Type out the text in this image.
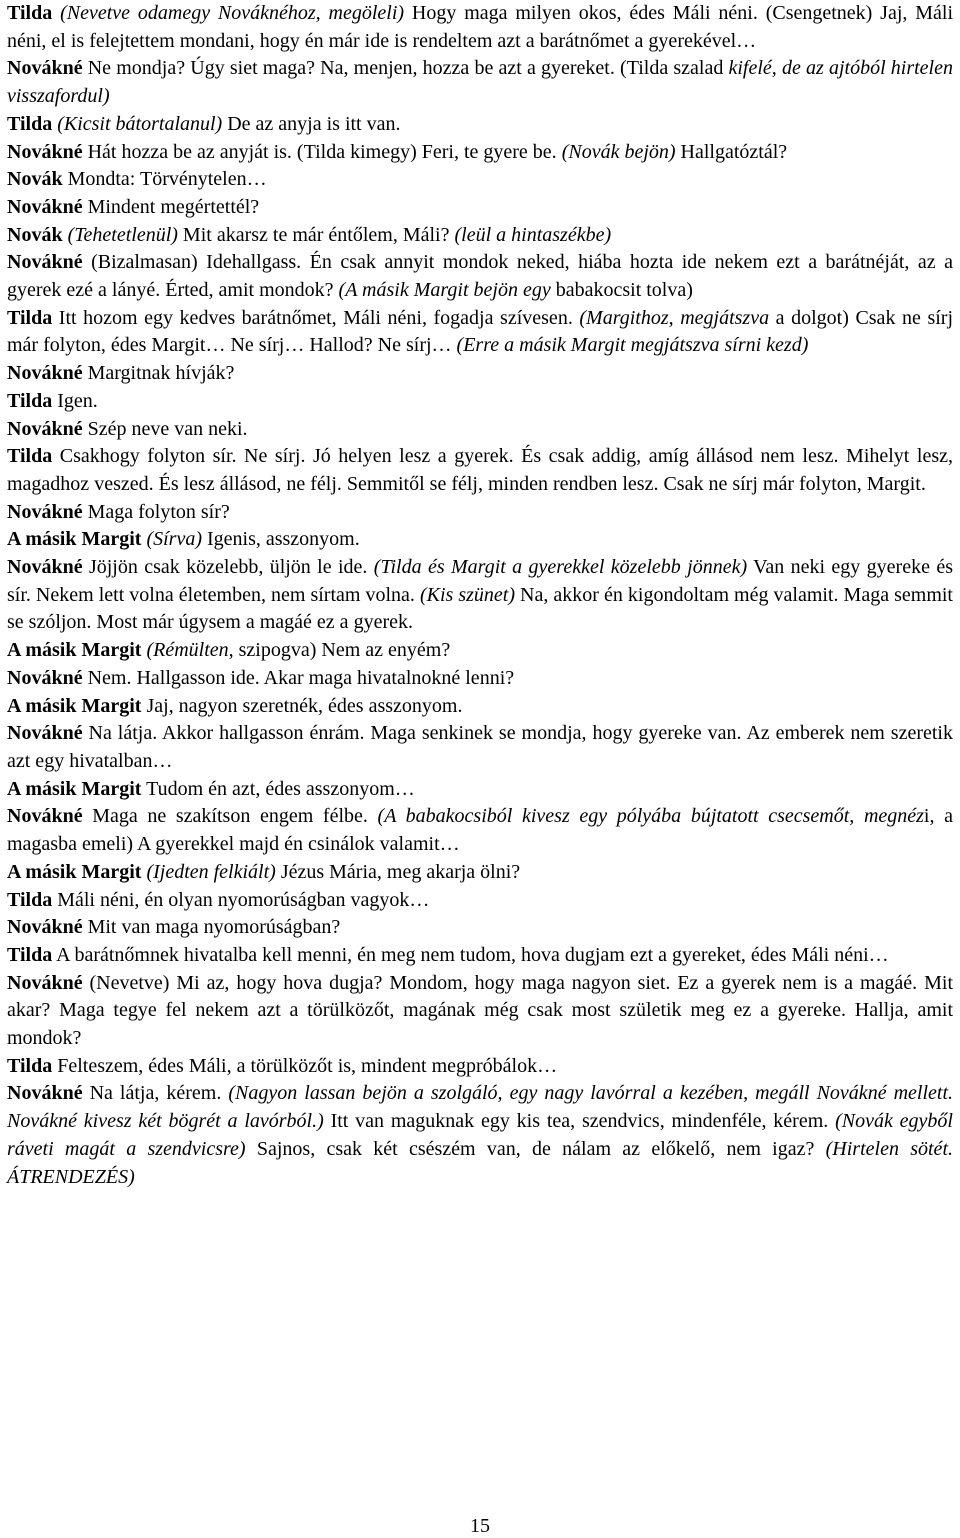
Tilda (Nevetve odamegy Nováknéhoz, megöleli) Hogy maga milyen okos, édes Máli néni. (Csengetnek) Jaj, Máli néni, el is felejtettem mondani, hogy én már ide is rendeltem azt a barátnőmet a gyerekével…

Novákné Ne mondja? Úgy siet maga? Na, menjen, hozza be azt a gyereket. (Tilda szalad kifelé, de az ajtóból hirtelen visszafordul)

Tilda (Kicsit bátortalanul) De az anyja is itt van.

Novákné Hát hozza be az anyját is. (Tilda kimegy) Feri, te gyere be. (Novák bejön) Hallgatóztál?

Novák Mondta: Törvénytelen…

Novákné Mindent megértettél?

Novák (Tehetetlenül) Mit akarsz te már éntőlem, Máli? (leül a hintaszékbe)

Novákné (Bizalmasan) Idehallgass. Én csak annyit mondok neked, hiába hozta ide nekem ezt a barátnéját, az a gyerek ezé a lányé. Érted, amit mondok? (A másik Margit bejön egy babakocsit tolva)

Tilda Itt hozom egy kedves barátnőmet, Máli néni, fogadja szívesen. (Margithoz, megjátszva a dolgot) Csak ne sírj már folyton, édes Margit… Ne sírj… Hallod? Ne sírj… (Erre a másik Margit megjátszva sírni kezd)

Novákné Margitnak hívják?

Tilda Igen.

Novákné Szép neve van neki.

Tilda Csakhogy folyton sír. Ne sírj. Jó helyen lesz a gyerek. És csak addig, amíg állásod nem lesz. Mihelyt lesz, magadhoz veszed. És lesz állásod, ne félj. Semmitől se félj, minden rendben lesz. Csak ne sírj már folyton, Margit.

Novákné Maga folyton sír?

A másik Margit (Sírva) Igenis, asszonyom.

Novákné Jöjjön csak közelebb, üljön le ide. (Tilda és Margit a gyerekkel közelebb jönnek) Van neki egy gyereke és sír. Nekem lett volna életemben, nem sírtam volna. (Kis szünet) Na, akkor én kigondoltam még valamit. Maga semmit se szóljon. Most már úgysem a magáé ez a gyerek.

A másik Margit (Rémülten, szipogva) Nem az enyém?

Novákné Nem. Hallgasson ide. Akar maga hivatalnokné lenni?

A másik Margit Jaj, nagyon szeretnék, édes asszonyom.

Novákné Na látja. Akkor hallgasson énrám. Maga senkinek se mondja, hogy gyereke van. Az emberek nem szeretik azt egy hivatalban…

A másik Margit Tudom én azt, édes asszonyom…

Novákné Maga ne szakítson engem félbe. (A babakocsiból kivesz egy pólyába bújtatott csecsemőt, megnézi, a magasba emeli) A gyerekkel majd én csinálok valamit…

A másik Margit (Ijedten felkiált) Jézus Mária, meg akarja ölni?

Tilda Máli néni, én olyan nyomorúságban vagyok…

Novákné Mit van maga nyomorúságban?

Tilda A barátnőmnek hivatalba kell menni, én meg nem tudom, hova dugjam ezt a gyereket, édes Máli néni…

Novákné (Nevetve) Mi az, hogy hova dugja? Mondom, hogy maga nagyon siet. Ez a gyerek nem is a magáé. Mit akar? Maga tegye fel nekem azt a törülközőt, magának még csak most születik meg ez a gyereke. Hallja, amit mondok?

Tilda Felteszem, édes Máli, a törülközőt is, mindent megpróbálok…

Novákné Na látja, kérem. (Nagyon lassan bejön a szolgáló, egy nagy lavórral a kezében, megáll Novákné mellett. Novákné kivesz két bögrét a lavórból.) Itt van maguknak egy kis tea, szendvics, mindenféle, kérem. (Novák egyből ráveti magát a szendvicsre) Sajnos, csak két csészém van, de nálam az előkelő, nem igaz? (Hirtelen sötét. ÁTRENDEZÉS)

15
